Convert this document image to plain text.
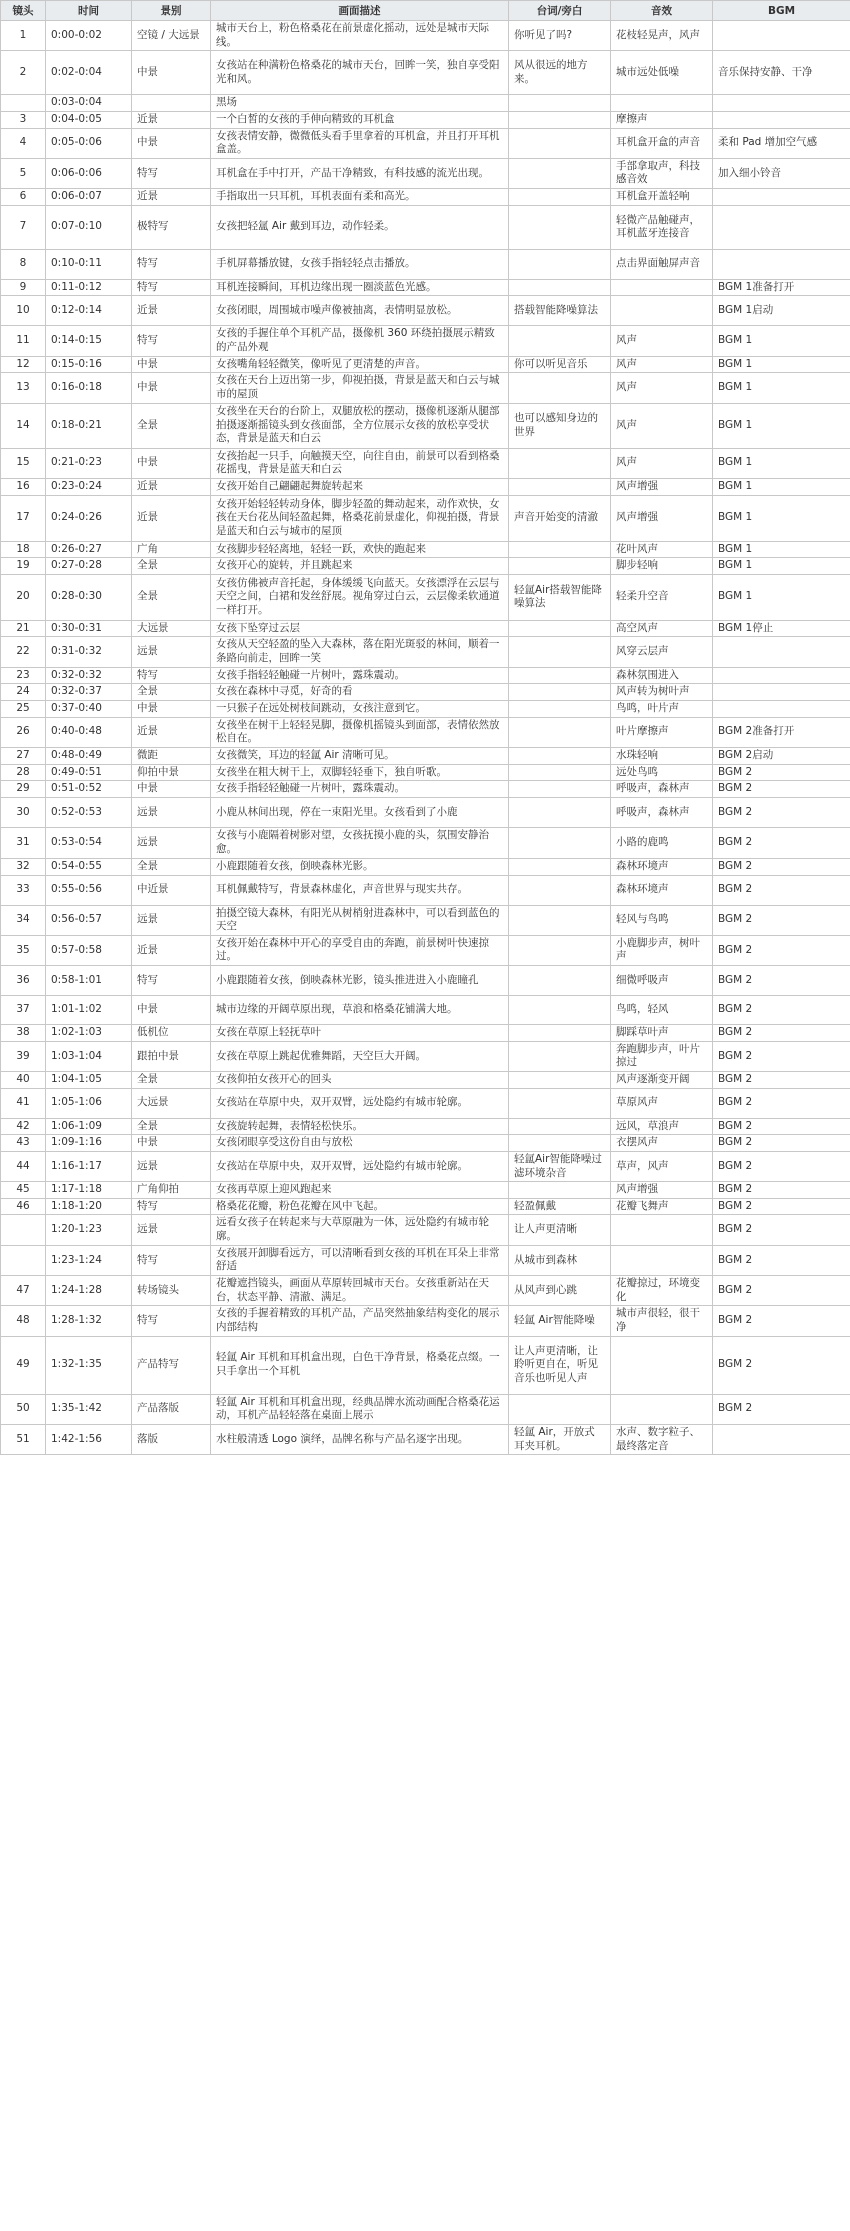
镜头	时间	景别	画面描述	台词/旁白	音效	BGM
1	0:00-0:02	空镜 / 大远景	城市天台上，粉色格桑花在前景虚化摇动，远处是城市天际线。	你听见了吗?	花枝轻晃声，风声	
2	0:02-0:04	中景	女孩站在种满粉色格桑花的城市天台，回眸一笑，独自享受阳光和风。	风从很远的地方来。	城市远处低噪	音乐保持安静、干净
	0:03-0:04		黑场			
3	0:04-0:05	近景	一个白皙的女孩的手伸向精致的耳机盒		摩擦声	
4	0:05-0:06	中景	女孩表情安静，微微低头看手里拿着的耳机盒，并且打开耳机盒盖。		耳机盒开盒的声音	柔和 Pad 增加空气感
5	0:06-0:06	特写	耳机盒在手中打开，产品干净精致，有科技感的流光出现。		手部拿取声，科技感音效	加入细小铃音
6	0:06-0:07	近景	手指取出一只耳机，耳机表面有柔和高光。		耳机盒开盖轻响	
7	0:07-0:10	极特写	女孩把轻氲 Air 戴到耳边，动作轻柔。		轻微产品触碰声，耳机蓝牙连接音	
8	0:10-0:11	特写	手机屏幕播放键，女孩手指轻轻点击播放。		点击界面触屏声音	
9	0:11-0:12	特写	耳机连接瞬间，耳机边缘出现一圈淡蓝色光感。			BGM 1准备打开
10	0:12-0:14	近景	女孩闭眼，周围城市噪声像被抽离，表情明显放松。	搭载智能降噪算法		BGM 1启动
11	0:14-0:15	特写	女孩的手握住单个耳机产品，摄像机 360 环绕拍摄展示精致的产品外观		风声	BGM 1
12	0:15-0:16	中景	女孩嘴角轻轻微笑，像听见了更清楚的声音。	你可以听见音乐	风声	BGM 1
13	0:16-0:18	中景	女孩在天台上迈出第一步，仰视拍摄，背景是蓝天和白云与城市的屋顶		风声	BGM 1
14	0:18-0:21	全景	女孩坐在天台的台阶上，双腿放松的摆动，摄像机逐渐从腿部拍摄逐渐摇镜头到女孩面部，全方位展示女孩的放松享受状态，背景是蓝天和白云	也可以感知身边的世界	风声	BGM 1
15	0:21-0:23	中景	女孩抬起一只手，向触摸天空，向往自由，前景可以看到格桑花摇曳，背景是蓝天和白云		风声	BGM 1
16	0:23-0:24	近景	女孩开始自己翩翩起舞旋转起来		风声增强	BGM 1
17	0:24-0:26	近景	女孩开始轻轻转动身体，脚步轻盈的舞动起来，动作欢快，女孩在天台花丛间轻盈起舞，格桑花前景虚化，仰视拍摄，背景是蓝天和白云与城市的屋顶	声音开始变的清澈	风声增强	BGM 1
18	0:26-0:27	广角	女孩脚步轻轻离地，轻轻一跃，欢快的跑起来		花叶风声	BGM 1
19	0:27-0:28	全景	女孩开心的旋转，并且跳起来		脚步轻响	BGM 1
20	0:28-0:30	全景	女孩仿佛被声音托起，身体缓缓飞向蓝天。女孩漂浮在云层与天空之间，白裙和发丝舒展。视角穿过白云，云层像柔软通道一样打开。	轻氲Air搭载智能降噪算法	轻柔升空音	BGM 1
21	0:30-0:31	大远景	女孩下坠穿过云层		高空风声	BGM 1停止
22	0:31-0:32	远景	女孩从天空轻盈的坠入大森林，落在阳光斑驳的林间，顺着一条路向前走，回眸一笑		风穿云层声	
23	0:32-0:32	特写	女孩手指轻轻触碰一片树叶，露珠震动。		森林氛围进入	
24	0:32-0:37	全景	女孩在森林中寻觅，好奇的看		风声转为树叶声	
25	0:37-0:40	中景	一只猴子在远处树枝间跳动，女孩注意到它。		鸟鸣，叶片声	
26	0:40-0:48	近景	女孩坐在树干上轻轻晃脚，摄像机摇镜头到面部，表情依然放松自在。		叶片摩擦声	BGM 2准备打开
27	0:48-0:49	微距	女孩微笑，耳边的轻氲 Air 清晰可见。		水珠轻响	BGM 2启动
28	0:49-0:51	仰拍中景	女孩坐在粗大树干上，双脚轻轻垂下，独自听歌。		远处鸟鸣	BGM 2
29	0:51-0:52	中景	女孩手指轻轻触碰一片树叶，露珠震动。		呼吸声，森林声	BGM 2
30	0:52-0:53	远景	小鹿从林间出现，停在一束阳光里。女孩看到了小鹿		呼吸声，森林声	BGM 2
31	0:53-0:54	远景	女孩与小鹿隔着树影对望，女孩抚摸小鹿的头，氛围安静治愈。		小路的鹿鸣	BGM 2
32	0:54-0:55	全景	小鹿跟随着女孩，倒映森林光影。		森林环境声	BGM 2
33	0:55-0:56	中近景	耳机佩戴特写，背景森林虚化，声音世界与现实共存。		森林环境声	BGM 2
34	0:56-0:57	远景	拍摄空镜大森林，有阳光从树梢射进森林中，可以看到蓝色的天空		轻风与鸟鸣	BGM 2
35	0:57-0:58	近景	女孩开始在森林中开心的享受自由的奔跑，前景树叶快速掠过。		小鹿脚步声，树叶声	BGM 2
36	0:58-1:01	特写	小鹿跟随着女孩，倒映森林光影，镜头推进进入小鹿瞳孔		细微呼吸声	BGM 2
37	1:01-1:02	中景	城市边缘的开阔草原出现，草浪和格桑花铺满大地。		鸟鸣，轻风	BGM 2
38	1:02-1:03	低机位	女孩在草原上轻抚草叶		脚踩草叶声	BGM 2
39	1:03-1:04	跟拍中景	女孩在草原上跳起优雅舞蹈，天空巨大开阔。		奔跑脚步声，叶片掠过	BGM 2
40	1:04-1:05	全景	女孩仰拍女孩开心的回头		风声逐渐变开阔	BGM 2
41	1:05-1:06	大远景	女孩站在草原中央，双开双臂，远处隐约有城市轮廓。		草原风声	BGM 2
42	1:06-1:09	全景	女孩旋转起舞，表情轻松快乐。		远风，草浪声	BGM 2
43	1:09-1:16	中景	女孩闭眼享受这份自由与放松		衣摆风声	BGM 2
44	1:16-1:17	远景	女孩站在草原中央，双开双臂，远处隐约有城市轮廓。	轻氲Air智能降噪过滤环境杂音	草声，风声	BGM 2
45	1:17-1:18	广角仰拍	女孩再草原上迎风跑起来		风声增强	BGM 2
46	1:18-1:20	特写	格桑花花瓣，粉色花瓣在风中飞起。	轻盈佩戴	花瓣飞舞声	BGM 2
	1:20-1:23	远景	远看女孩子在转起来与大草原融为一体，远处隐约有城市轮廓。	让人声更清晰		BGM 2
	1:23-1:24	特写	女孩展开卸脚看远方，可以清晰看到女孩的耳机在耳朵上非常舒适	从城市到森林		BGM 2
47	1:24-1:28	转场镜头	花瓣遮挡镜头，画面从草原转回城市天台。女孩重新站在天台，状态平静、清澈、满足。	从风声到心跳	花瓣掠过，环境变化	BGM 2
48	1:28-1:32	特写	女孩的手握着精致的耳机产品，产品突然抽象结构变化的展示内部结构	轻氲 Air智能降噪	城市声很轻，很干净	BGM 2
49	1:32-1:35	产品特写	轻氲 Air 耳机和耳机盒出现，白色干净背景，格桑花点缀。一只手拿出一个耳机	让人声更清晰，让聆听更自在，听见音乐也听见人声		BGM 2
50	1:35-1:42	产品落版	轻氲 Air 耳机和耳机盒出现，经典品牌水流动画配合格桑花运动，耳机产品轻轻落在桌面上展示			BGM 2
51	1:42-1:56	落版	水柱般清透 Logo 演绎，品牌名称与产品名逐字出现。	轻氲 Air，开放式耳夹耳机。	水声、数字粒子、最终落定音	
